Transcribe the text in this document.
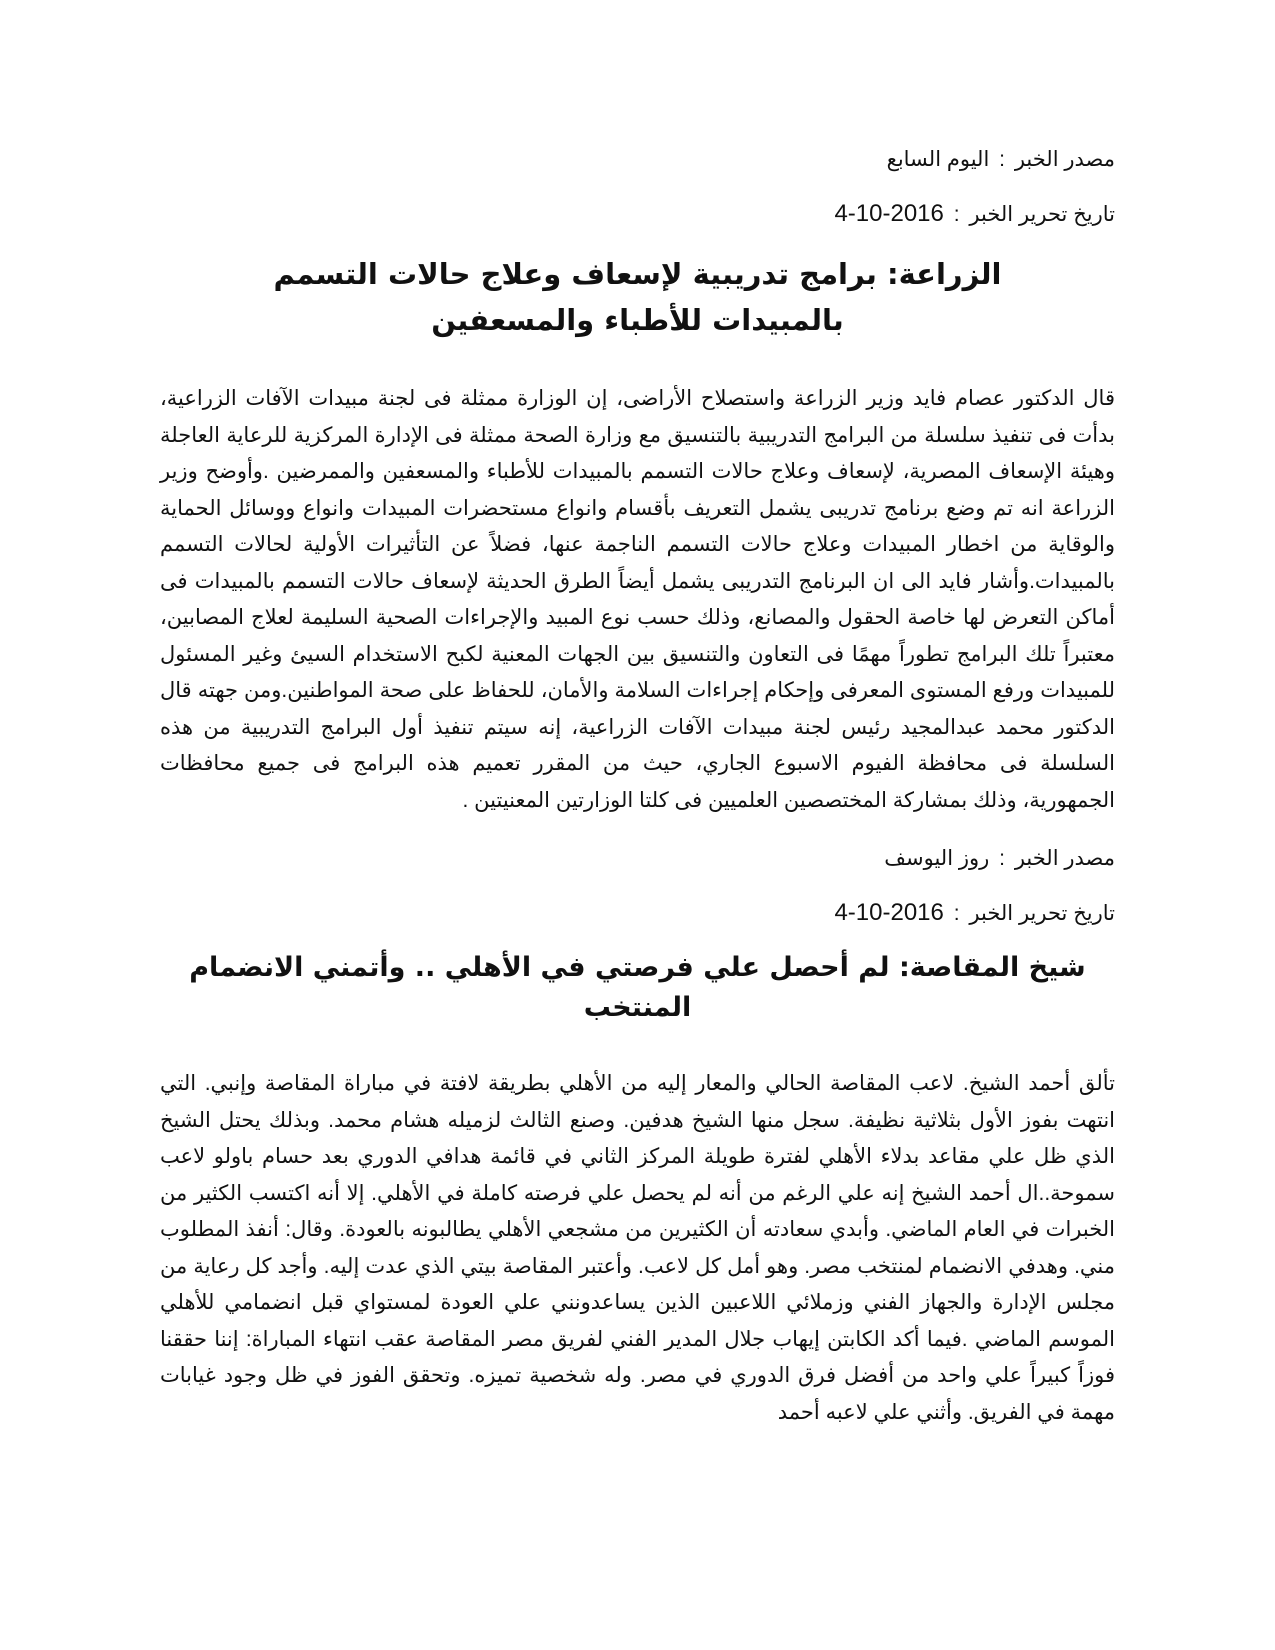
مصدر الخبر : اليوم السابع

تاريخ تحرير الخبر : 4-10-2016

الزراعة: برامج تدريبية لإسعاف وعلاج حالات التسمم بالمبيدات للأطباء والمسعفين

قال الدكتور عصام فايد وزير الزراعة واستصلاح الأراضى، إن الوزارة ممثلة فى لجنة مبيدات الآفات الزراعية، بدأت فى تنفيذ سلسلة من البرامج التدريبية بالتنسيق مع وزارة الصحة ممثلة فى الإدارة المركزية للرعاية العاجلة وهيئة الإسعاف المصرية، لإسعاف وعلاج حالات التسمم بالمبيدات للأطباء والمسعفين والممرضين .وأوضح وزير الزراعة انه تم وضع برنامج تدريبى يشمل التعريف بأقسام وانواع مستحضرات المبيدات وانواع ووسائل الحماية والوقاية من اخطار المبيدات وعلاج حالات التسمم الناجمة عنها، فضلاً عن التأثيرات الأولية لحالات التسمم بالمبيدات.وأشار فايد الى ان البرنامج التدريبى يشمل أيضاً الطرق الحديثة لإسعاف حالات التسمم بالمبيدات فى أماكن التعرض لها خاصة الحقول والمصانع، وذلك حسب نوع المبيد والإجراءات الصحية السليمة لعلاج المصابين، معتبراً تلك البرامج تطوراً مهمًا فى التعاون والتنسيق بين الجهات المعنية لكبح الاستخدام السيئ وغير المسئول للمبيدات ورفع المستوى المعرفى وإحكام إجراءات السلامة والأمان، للحفاظ على صحة المواطنين.ومن جهته قال الدكتور محمد عبدالمجيد رئيس لجنة مبيدات الآفات الزراعية، إنه سيتم تنفيذ أول البرامج التدريبية من هذه السلسلة فى محافظة الفيوم الاسبوع الجاري، حيث من المقرر تعميم هذه البرامج فى جميع محافظات الجمهورية، وذلك بمشاركة المختصصين العلميين فى كلتا الوزارتين المعنيتين .

مصدر الخبر : روز اليوسف

تاريخ تحرير الخبر : 4-10-2016

شيخ المقاصة: لم أحصل علي فرصتي في الأهلي .. وأتمني الانضمام المنتخب

تألق أحمد الشيخ. لاعب المقاصة الحالي والمعار إليه من الأهلي بطريقة لافتة في مباراة المقاصة وإنبي. التي انتهت بفوز الأول بثلاثية نظيفة. سجل منها الشيخ هدفين. وصنع الثالث لزميله هشام محمد. وبذلك يحتل الشيخ الذي ظل علي مقاعد بدلاء الأهلي لفترة طويلة المركز الثاني في قائمة هدافي الدوري بعد حسام باولو لاعب سموحة..ال أحمد الشيخ إنه علي الرغم من أنه لم يحصل علي فرصته كاملة في الأهلي. إلا أنه اكتسب الكثير من الخبرات في العام الماضي. وأبدي سعادته أن الكثيرين من مشجعي الأهلي يطالبونه بالعودة. وقال: أنفذ المطلوب مني. وهدفي الانضمام لمنتخب مصر. وهو أمل كل لاعب. وأعتبر المقاصة بيتي الذي عدت إليه. وأجد كل رعاية من مجلس الإدارة والجهاز الفني وزملائي اللاعبين الذين يساعدونني علي العودة لمستواي قبل انضمامي للأهلي الموسم الماضي .فيما أكد الكابتن إيهاب جلال المدير الفني لفريق مصر المقاصة عقب انتهاء المباراة: إننا حققنا فوزاً كبيراً علي واحد من أفضل فرق الدوري في مصر. وله شخصية تميزه. وتحقق الفوز في ظل وجود غيابات مهمة في الفريق. وأثني علي لاعبه أحمد
